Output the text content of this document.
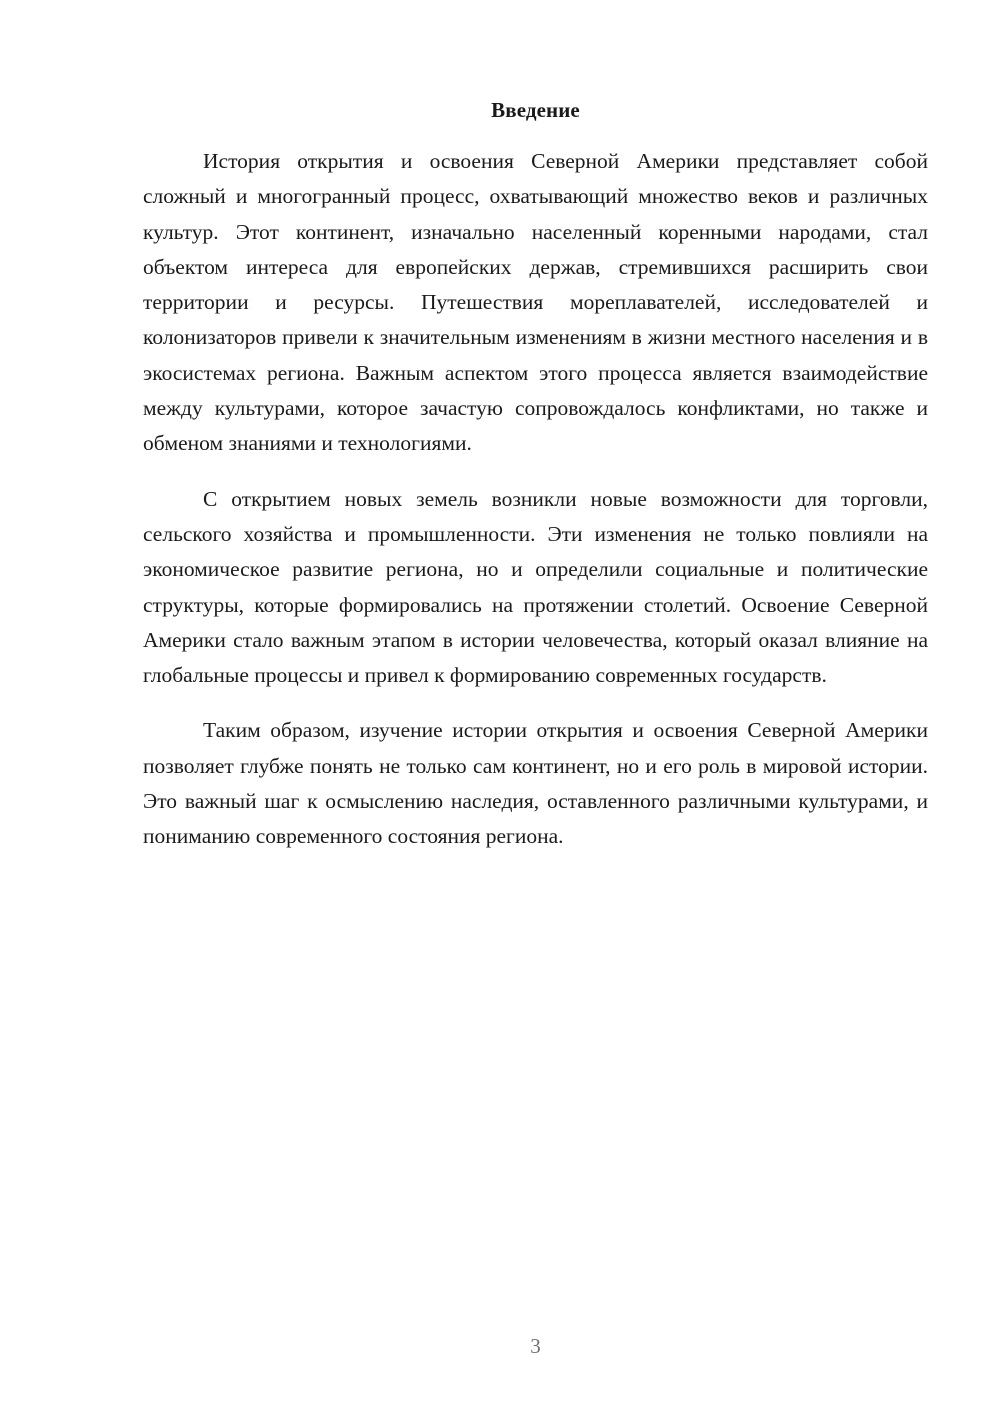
Введение

История открытия и освоения Северной Америки представляет собой сложный и многогранный процесс, охватывающий множество веков и различных культур. Этот континент, изначально населенный коренными народами, стал объектом интереса для европейских держав, стремившихся расширить свои территории и ресурсы. Путешествия мореплавателей, исследователей и колонизаторов привели к значительным изменениям в жизни местного населения и в экосистемах региона. Важным аспектом этого процесса является взаимодействие между культурами, которое зачастую сопровождалось конфликтами, но также и обменом знаниями и технологиями.

С открытием новых земель возникли новые возможности для торговли, сельского хозяйства и промышленности. Эти изменения не только повлияли на экономическое развитие региона, но и определили социальные и политические структуры, которые формировались на протяжении столетий. Освоение Северной Америки стало важным этапом в истории человечества, который оказал влияние на глобальные процессы и привел к формированию современных государств.

Таким образом, изучение истории открытия и освоения Северной Америки позволяет глубже понять не только сам континент, но и его роль в мировой истории. Это важный шаг к осмыслению наследия, оставленного различными культурами, и пониманию современного состояния региона.

3
